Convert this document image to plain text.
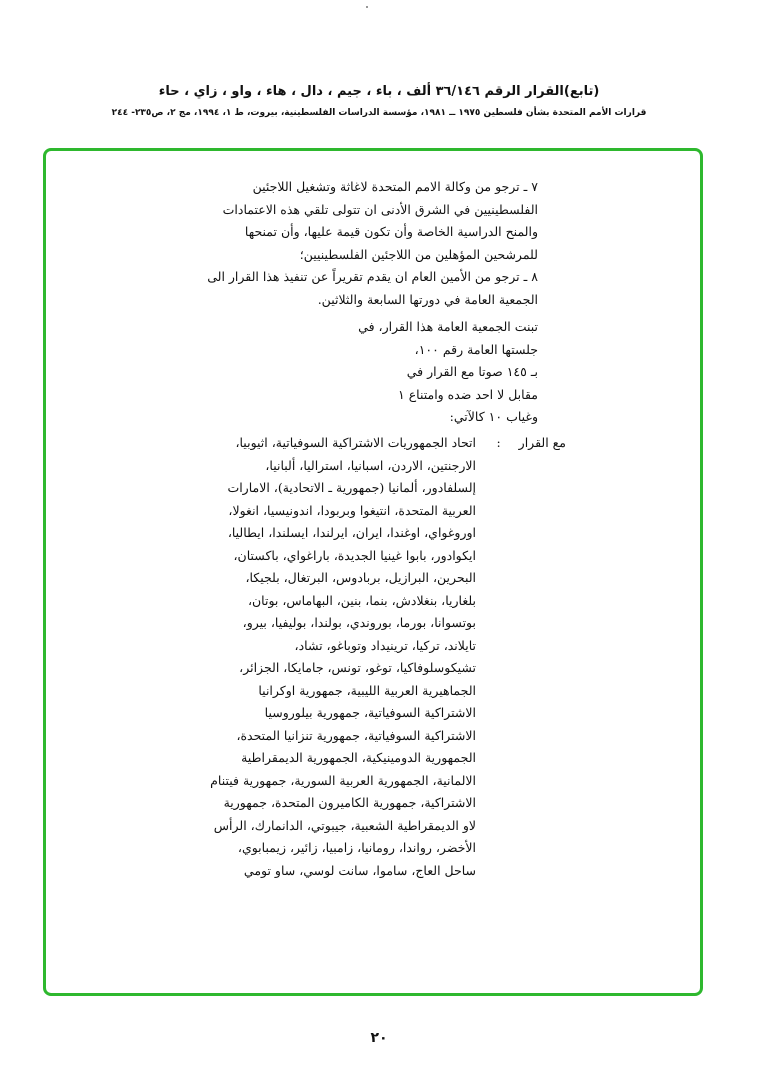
(تابع)القرار الرقم ٣٦/١٤٦ ألف ، باء ، جيم ، دال ، هاء ، واو ، زاي ، حاء
قرارات الأمم المتحدة بشأن فلسطين ١٩٧٥ ــ ١٩٨١، مؤسسة الدراسات الفلسطينية، بيروت، ط ١، ١٩٩٤، مج ٢، ص٢٣٥- ٢٤٤
٧ ـ ترجو من وكالة الامم المتحدة لاغاثة وتشغيل اللاجئين
الفلسطينيين في الشرق الأدنى ان تتولى تلقي هذه الاعتمادات
والمنح الدراسية الخاصة وأن تكون قيمة عليها، وأن تمنحها
للمرشحين المؤهلين من اللاجئين الفلسطينيين؛
٨ ـ ترجو من الأمين العام ان يقدم تقريراً عن تنفيذ هذا القرار الى
الجمعية العامة في دورتها السابعة والثلاثين.
تبنت الجمعية العامة هذا القرار، في
جلستها العامة رقم ١٠٠،
بـ ١٤٥ صوتا مع القرار في
مقابل لا احد ضده وامتناع ١
وغياب ١٠ كالآتي:
مع القرار :
اتحاد الجمهوريات الاشتراكية السوفياتية، اثيوبيا،
الارجنتين، الاردن، اسبانيا، استراليا، ألبانيا،
إلسلفادور، ألمانيا (جمهورية ـ الاتحادية)، الامارات
العربية المتحدة، انتيغوا وبربودا، اندونيسيا، انغولا،
اوروغواي، اوغندا، ايران، ايرلندا، ايسلندا، ايطاليا،
ايكوادور، بابوا غينيا الجديدة، باراغواي، باكستان،
البحرين، البرازيل، بربادوس، البرتغال، بلجيكا،
بلغاريا، بنغلادش، بنما، بنين، البهاماس، بوتان،
بوتسوانا، بورما، بوروندي، بولندا، بوليفيا، بيرو،
تايلاند، تركيا، ترينيداد وتوباغو، تشاد،
تشيكوسلوفاكيا، توغو، تونس، جامايكا، الجزائر،
الجماهيرية العربية الليبية، جمهورية اوكرانيا
الاشتراكية السوفياتية، جمهورية بيلوروسيا
الاشتراكية السوفياتية، جمهورية تنزانيا المتحدة،
الجمهورية الدومينيكية، الجمهورية الديمقراطية
الالمانية، الجمهورية العربية السورية، جمهورية فيتنام
الاشتراكية، جمهورية الكاميرون المتحدة، جمهورية
لاو الديمقراطية الشعبية، جيبوتي، الدانمارك، الرأس
الأخضر، رواندا، رومانيا، زامبيا، زائير، زيمبابوي،
ساحل العاج، ساموا، سانت لوسي، ساو تومي
٢٠
